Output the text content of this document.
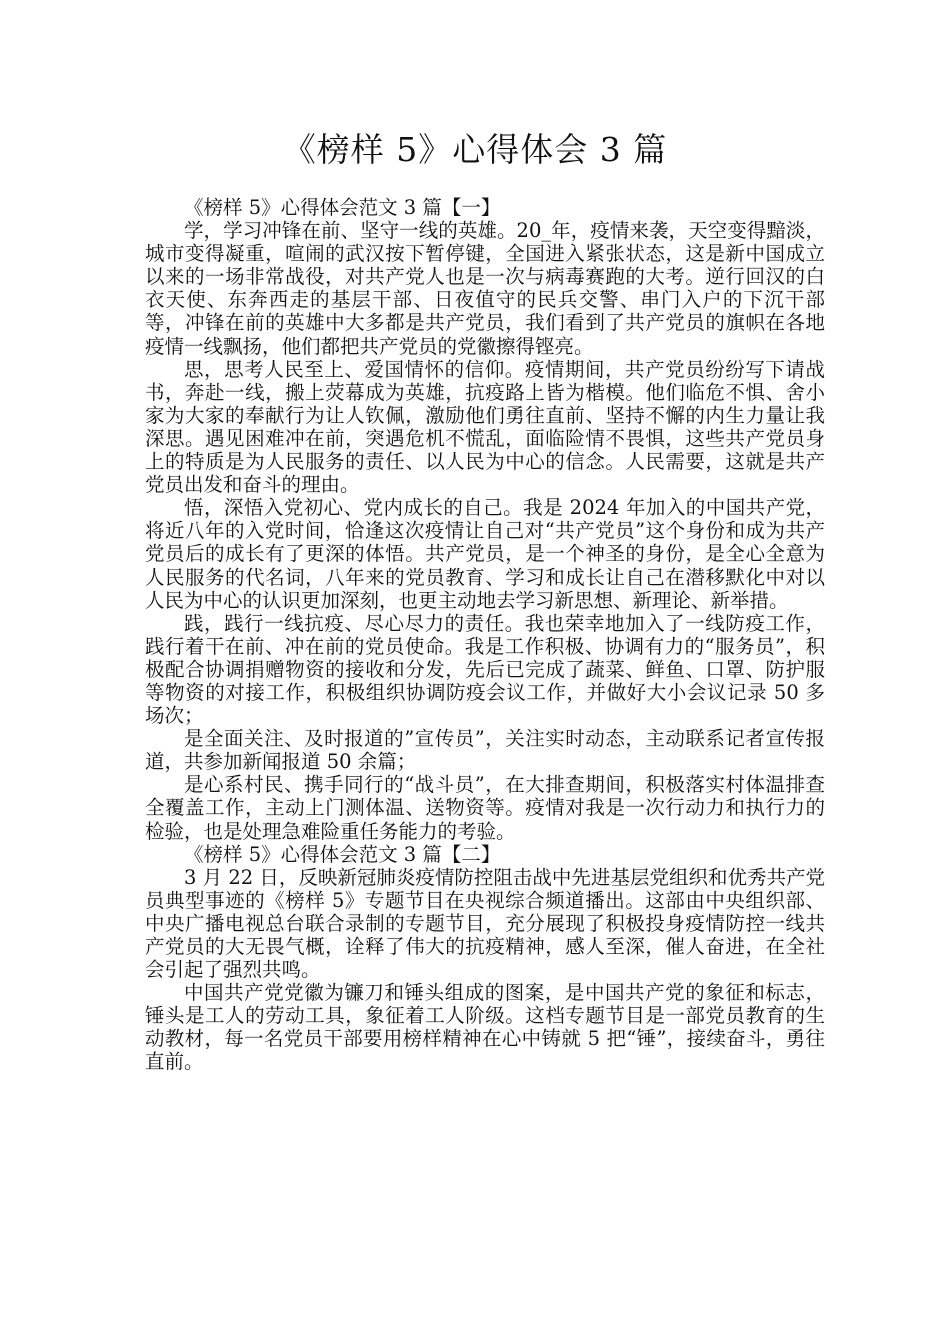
《榜样 5》心得体会 3 篇

《榜样 5》心得体会范文 3 篇【一】

学，学习冲锋在前、坚守一线的英雄。20_年，疫情来袭，天空变得黯淡，城市变得凝重，喧闹的武汉按下暂停键，全国进入紧张状态，这是新中国成立以来的一场非常战役，对共产党人也是一次与病毒赛跑的大考。逆行回汉的白衣天使、东奔西走的基层干部、日夜值守的民兵交警、串门入户的下沉干部等，冲锋在前的英雄中大多都是共产党员，我们看到了共产党员的旗帜在各地疫情一线飘扬，他们都把共产党员的党徽擦得铿亮。

思，思考人民至上、爱国情怀的信仰。疫情期间，共产党员纷纷写下请战书，奔赴一线，搬上荧幕成为英雄，抗疫路上皆为楷模。他们临危不惧、舍小家为大家的奉献行为让人钦佩，激励他们勇往直前、坚持不懈的内生力量让我深思。遇见困难冲在前，突遇危机不慌乱，面临险情不畏惧，这些共产党员身上的特质是为人民服务的责任、以人民为中心的信念。人民需要，这就是共产党员出发和奋斗的理由。

悟，深悟入党初心、党内成长的自己。我是 2024 年加入的中国共产党，将近八年的入党时间，恰逢这次疫情让自己对“共产党员”这个身份和成为共产党员后的成长有了更深的体悟。共产党员，是一个神圣的身份，是全心全意为人民服务的代名词，八年来的党员教育、学习和成长让自己在潜移默化中对以人民为中心的认识更加深刻，也更主动地去学习新思想、新理论、新举措。

践，践行一线抗疫、尽心尽力的责任。我也荣幸地加入了一线防疫工作，践行着干在前、冲在前的党员使命。我是工作积极、协调有力的“服务员”，积极配合协调捐赠物资的接收和分发，先后已完成了蔬菜、鲜鱼、口罩、防护服等物资的对接工作，积极组织协调防疫会议工作，并做好大小会议记录 50 多场次；

是全面关注、及时报道的”宣传员”，关注实时动态，主动联系记者宣传报道，共参加新闻报道 50 余篇；

是心系村民、携手同行的“战斗员”，在大排查期间，积极落实村体温排查全覆盖工作，主动上门测体温、送物资等。疫情对我是一次行动力和执行力的检验，也是处理急难险重任务能力的考验。

《榜样 5》心得体会范文 3 篇【二】

3 月 22 日，反映新冠肺炎疫情防控阻击战中先进基层党组织和优秀共产党员典型事迹的《榜样 5》专题节目在央视综合频道播出。这部由中央组织部、中央广播电视总台联合录制的专题节目，充分展现了积极投身疫情防控一线共产党员的大无畏气概，诠释了伟大的抗疫精神，感人至深，催人奋进，在全社会引起了强烈共鸣。

中国共产党党徽为镰刀和锤头组成的图案，是中国共产党的象征和标志，锤头是工人的劳动工具，象征着工人阶级。这档专题节目是一部党员教育的生动教材，每一名党员干部要用榜样精神在心中铸就 5 把“锤”，接续奋斗，勇往直前。
